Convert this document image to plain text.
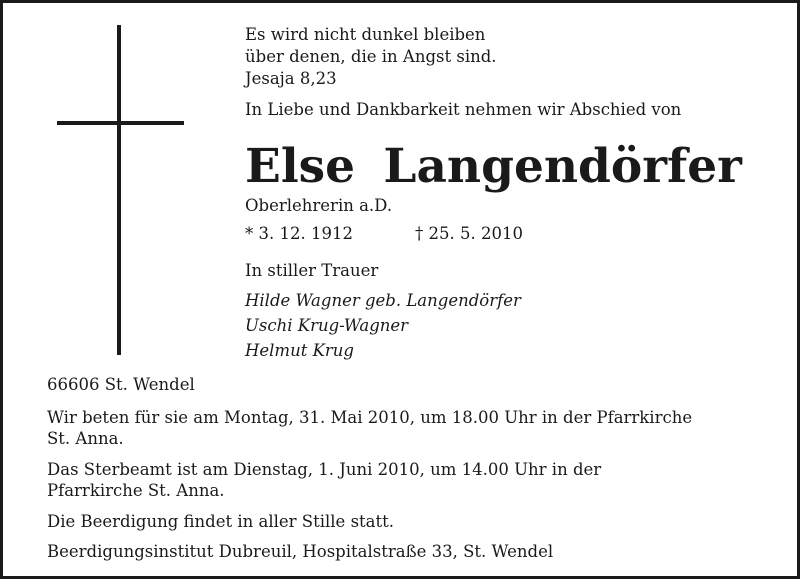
Es wird nicht dunkel bleiben
über denen, die in Angst sind.
Jesaja 8,23
In Liebe und Dankbarkeit nehmen wir Abschied von
Else Langendörfer
Oberlehrerin a.D.
* 3. 12. 1912	† 25. 5. 2010
In stiller Trauer
Hilde Wagner geb. Langendörfer
Uschi Krug-Wagner
Helmut Krug
66606 St. Wendel
Wir beten für sie am Montag, 31. Mai 2010, um 18.00 Uhr in der Pfarrkirche
St. Anna.
Das Sterbeamt ist am Dienstag, 1. Juni 2010, um 14.00 Uhr in der
Pfarrkirche St. Anna.
Die Beerdigung findet in aller Stille statt.
Beerdigungsinstitut Dubreuil, Hospitalstraße 33, St. Wendel
